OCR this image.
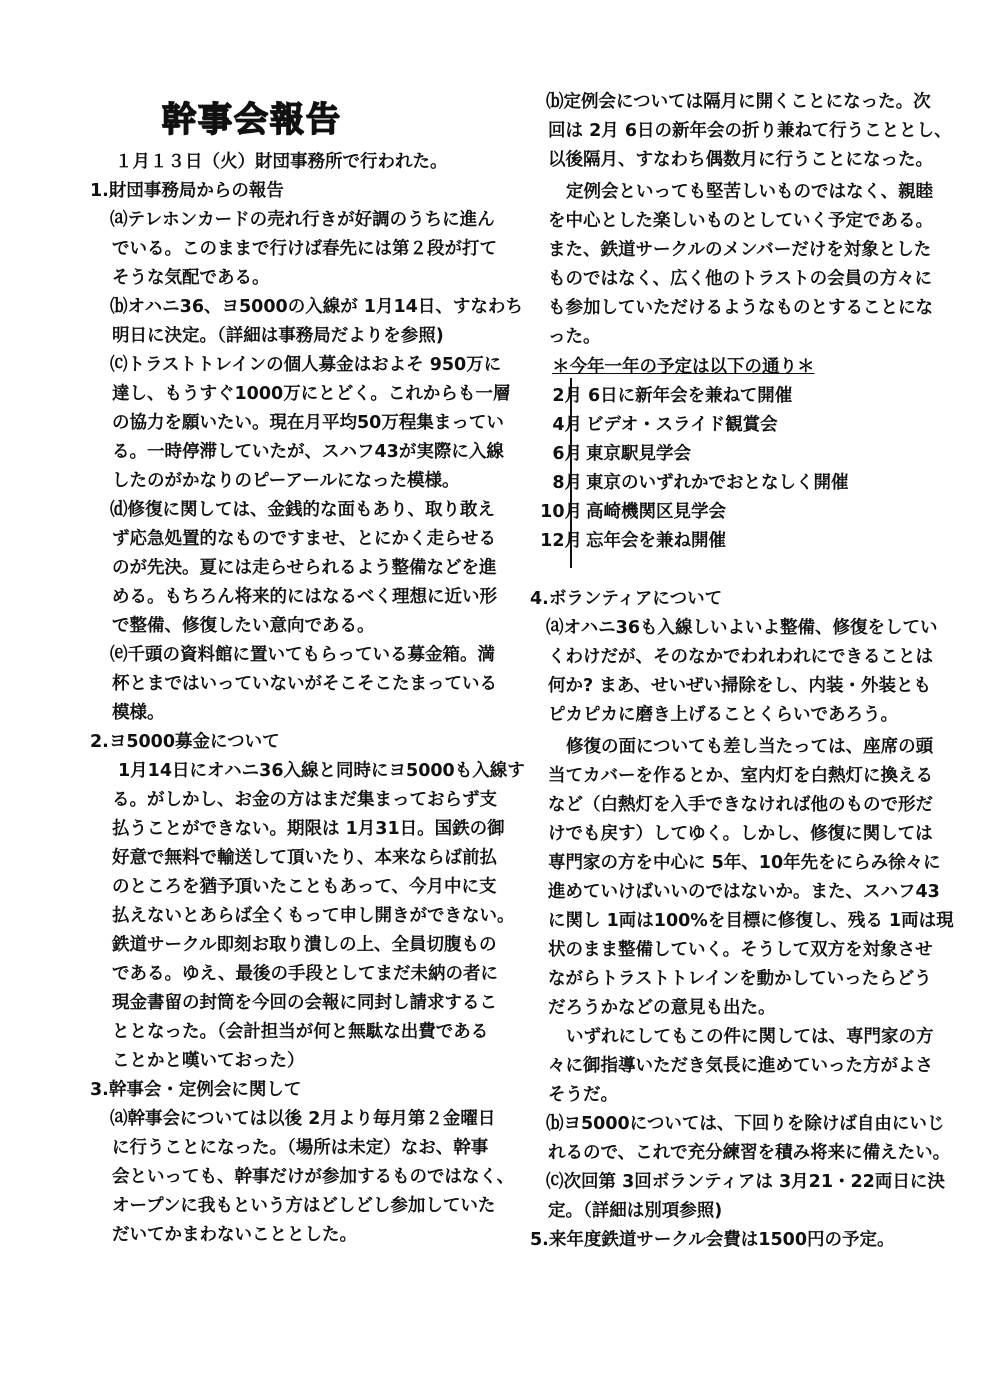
幹事会報告
１月１３日（火）財団事務所で行われた。
1.財団事務局からの報告
⒜テレホンカードの売れ行きが好調のうちに進ん
でいる。このままで行けば春先には第２段が打て
そうな気配である。
⒝オハニ36、ヨ5000の入線が 1月14日、すなわち
明日に決定。（詳細は事務局だよりを参照)
⒞トラストトレインの個人募金はおよそ 950万に
達し、もうすぐ1000万にとどく。これからも一層
の協力を願いたい。現在月平均50万程集まってい
る。一時停滞していたが、スハフ43が実際に入線
したのがかなりのピーアールになった模様。
⒟修復に関しては、金銭的な面もあり、取り敢え
ず応急処置的なものですませ、とにかく走らせる
のが先決。夏には走らせられるよう整備などを進
める。もちろん将来的にはなるべく理想に近い形
で整備、修復したい意向である。
⒠千頭の資料館に置いてもらっている募金箱。満
杯とまではいっていないがそこそこたまっている
模様。
2.ヨ5000募金について
1月14日にオハニ36入線と同時にヨ5000も入線す
る。がしかし、お金の方はまだ集まっておらず支
払うことができない。期限は 1月31日。国鉄の御
好意で無料で輸送して頂いたり、本来ならば前払
のところを猶予頂いたこともあって、今月中に支
払えないとあらば全くもって申し開きができない。
鉄道サークル即刻お取り潰しの上、全員切腹もの
である。ゆえ、最後の手段としてまだ未納の者に
現金書留の封筒を今回の会報に同封し請求するこ
ととなった。（会計担当が何と無駄な出費である
ことかと嘆いておった）
3.幹事会・定例会に関して
⒜幹事会については以後 2月より毎月第２金曜日
に行うことになった。（場所は未定）なお、幹事
会といっても、幹事だけが参加するものではなく、
オープンに我もという方はどしどし参加していた
だいてかまわないこととした。
⒝定例会については隔月に開くことになった。次
回は 2月 6日の新年会の折り兼ねて行うこととし、
以後隔月、すなわち偶数月に行うことになった。
定例会といっても堅苦しいものではなく、親睦
を中心とした楽しいものとしていく予定である。
また、鉄道サークルのメンバーだけを対象とした
ものではなく、広く他のトラストの会員の方々に
も参加していただけるようなものとすることにな
った。
＊今年一年の予定は以下の通り＊
2月 6日に新年会を兼ねて開催
4月 ビデオ・スライド観賞会
6月 東京駅見学会
8月 東京のいずれかでおとなしく開催
10月 高崎機関区見学会
12月 忘年会を兼ね開催
4.ボランティアについて
⒜オハニ36も入線しいよいよ整備、修復をしてい
くわけだが、そのなかでわれわれにできることは
何か? まあ、せいぜい掃除をし、内装・外装とも
ピカピカに磨き上げることくらいであろう。
修復の面についても差し当たっては、座席の頭
当てカバーを作るとか、室内灯を白熱灯に換える
など（白熱灯を入手できなければ他のもので形だ
けでも戻す）してゆく。しかし、修復に関しては
専門家の方を中心に 5年、10年先をにらみ徐々に
進めていけばいいのではないか。また、スハフ43
に関し 1両は100%を目標に修復し、残る 1両は現
状のまま整備していく。そうして双方を対象させ
ながらトラストトレインを動かしていったらどう
だろうかなどの意見も出た。
いずれにしてもこの件に関しては、専門家の方
々に御指導いただき気長に進めていった方がよさ
そうだ。
⒝ヨ5000については、下回りを除けば自由にいじ
れるので、これで充分練習を積み将来に備えたい。
⒞次回第 3回ボランティアは 3月21・22両日に決
定。（詳細は別項参照)
5.来年度鉄道サークル会費は1500円の予定。
